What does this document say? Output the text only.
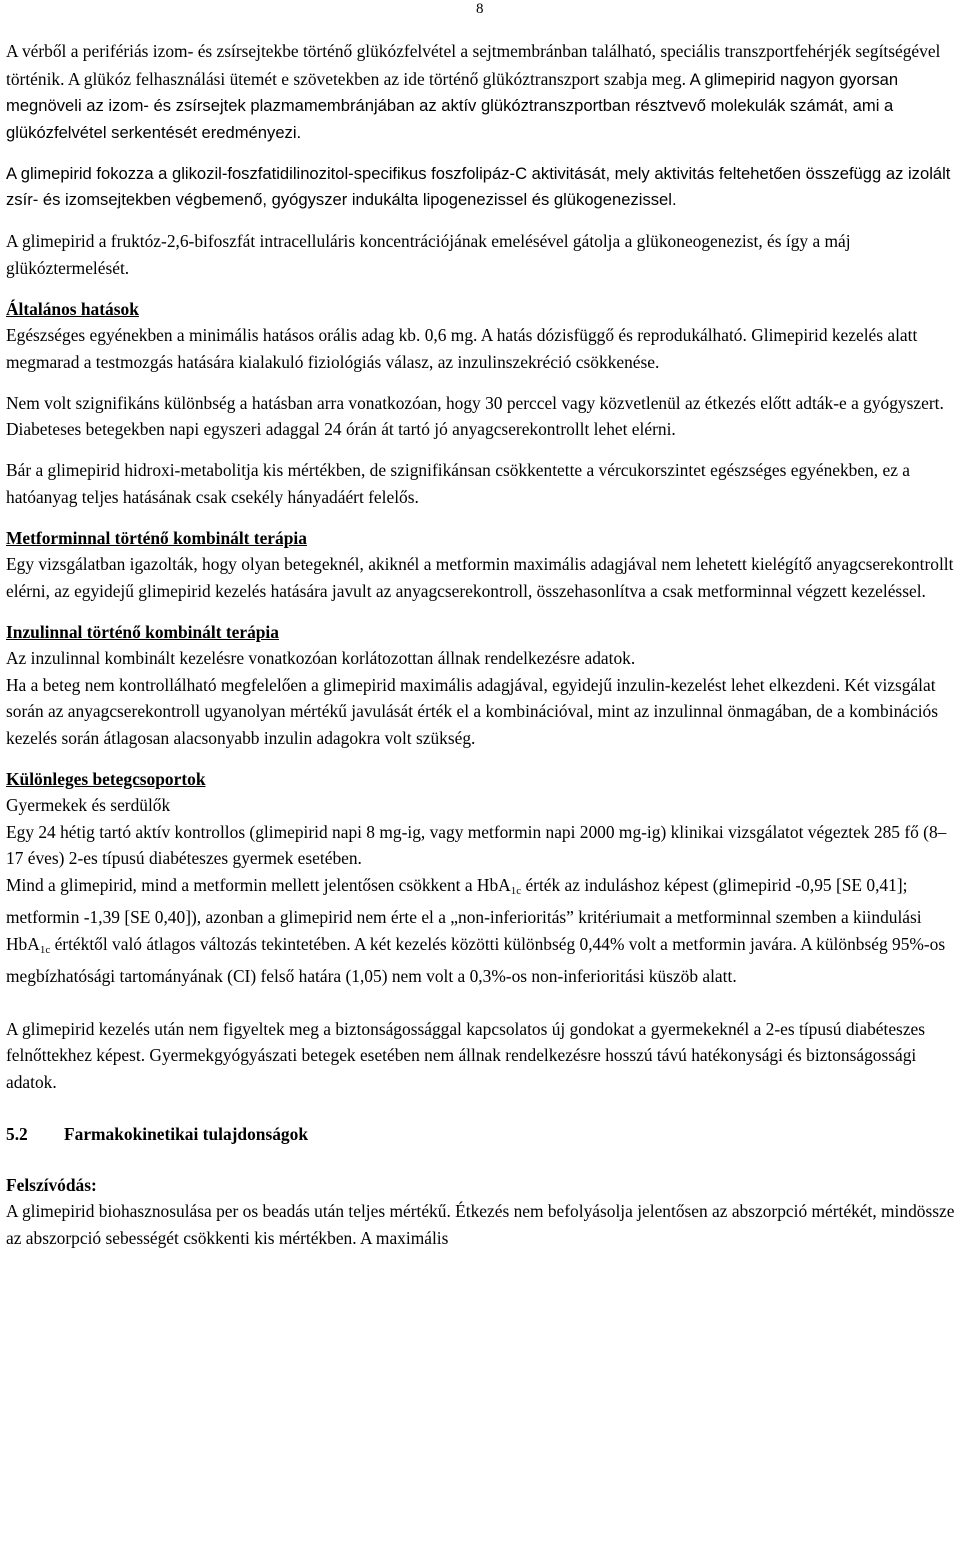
8

A vérből a perifériás izom- és zsírsejtekbe történő glükózfelvétel a sejtmembránban található, speciális transzportfehérjék segítségével történik. A glükóz felhasználási ütemét e szövetekben az ide történő glükóztranszport szabja meg. A glimepirid nagyon gyorsan megnöveli az izom- és zsírsejtek plazmamembránjában az aktív glükóztranszportban résztvevő molekulák számát, ami a glükózfelvétel serkentését eredményezi.

A glimepirid fokozza a glikozil-foszfatidilinozitol-specifikus foszfolipáz-C aktivitását, mely aktivitás feltehetően összefügg az izolált zsír- és izomsejtekben végbemenő, gyógyszer indukálta lipogenezissel és glükogenezissel.

A glimepirid a fruktóz-2,6-bifoszfát intracelluláris koncentrációjának emelésével gátolja a glükoneogenezist, és így a máj glükóztermelését.

Általános hatások
Egészséges egyénekben a minimális hatásos orális adag kb. 0,6 mg. A hatás dózisfüggő és reprodukálható. Glimepirid kezelés alatt megmarad a testmozgás hatására kialakuló fiziológiás válasz, az inzulinszekréció csökkenése.

Nem volt szignifikáns különbség a hatásban arra vonatkozóan, hogy 30 perccel vagy közvetlenül az étkezés előtt adták-e a gyógyszert. Diabeteses betegekben napi egyszeri adaggal 24 órán át tartó jó anyagcserekontrollt lehet elérni.

Bár a glimepirid hidroxi-metabolitja kis mértékben, de szignifikánsan csökkentette a vércukorszintet egészséges egyénekben, ez a hatóanyag teljes hatásának csak csekély hányadáért felelős.

Metforminnal történő kombinált terápia
Egy vizsgálatban igazolták, hogy olyan betegeknél, akiknél a metformin maximális adagjával nem lehetett kielégítő anyagcserekontrollt elérni, az egyidejű glimepirid kezelés hatására javult az anyagcserekontroll, összehasonlítva a csak metforminnal végzett kezeléssel.

Inzulinnal történő kombinált terápia
Az inzulinnal kombinált kezelésre vonatkozóan korlátozottan állnak rendelkezésre adatok.
Ha a beteg nem kontrollálható megfelelően a glimepirid maximális adagjával, egyidejű inzulin-kezelést lehet elkezdeni. Két vizsgálat során az anyagcserekontroll ugyanolyan mértékű javulását érték el a kombinációval, mint az inzulinnal önmagában, de a kombinációs kezelés során átlagosan alacsonyabb inzulin adagokra volt szükség.

Különleges betegcsoportok
Gyermekek és serdülők
Egy 24 hétig tartó aktív kontrollos (glimepirid napi 8 mg-ig, vagy metformin napi 2000 mg-ig) klinikai vizsgálatot végeztek 285 fő (8–17 éves) 2-es típusú diabéteszes gyermek esetében.
Mind a glimepirid, mind a metformin mellett jelentősen csökkent a HbA$_{1c}$ érték az induláshoz képest (glimepirid -0,95 [SE 0,41]; metformin -1,39 [SE 0,40]), azonban a glimepirid nem érte el a „non-inferioritás” kritériumait a metforminnal szemben a kiindulási HbA$_{1c}$ értéktől való átlagos változás tekintetében. A két kezelés közötti különbség 0,44% volt a metformin javára. A különbség 95%-os megbízhatósági tartományának (CI) felső határa (1,05) nem volt a 0,3%-os non-inferioritási küszöb alatt.

A glimepirid kezelés után nem figyeltek meg a biztonságossággal kapcsolatos új gondokat a gyermekeknél a 2-es típusú diabéteszes felnőttekhez képest. Gyermekgyógyászati betegek esetében nem állnak rendelkezésre hosszú távú hatékonysági és biztonságossági adatok.

5.2 Farmakokinetikai tulajdonságok

Felszívódás:
A glimepirid biohasznosulása per os beadás után teljes mértékű. Étkezés nem befolyásolja jelentősen az abszorpció mértékét, mindössze az abszorpció sebességét csökkenti kis mértékben. A maximális
